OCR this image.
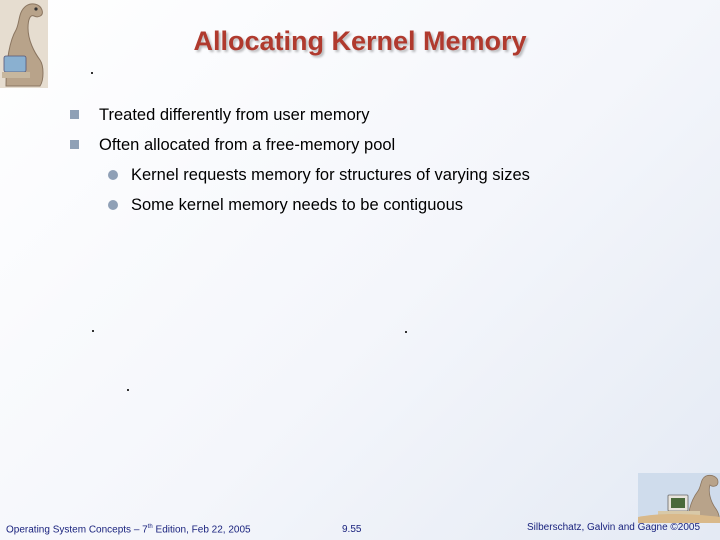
Allocating Kernel Memory
Treated differently from user memory
Often allocated from a free-memory pool
Kernel requests memory for structures of varying sizes
Some kernel memory needs to be contiguous
Operating System Concepts – 7th Edition, Feb 22, 2005	9.55	Silberschatz, Galvin and Gagne ©2005
